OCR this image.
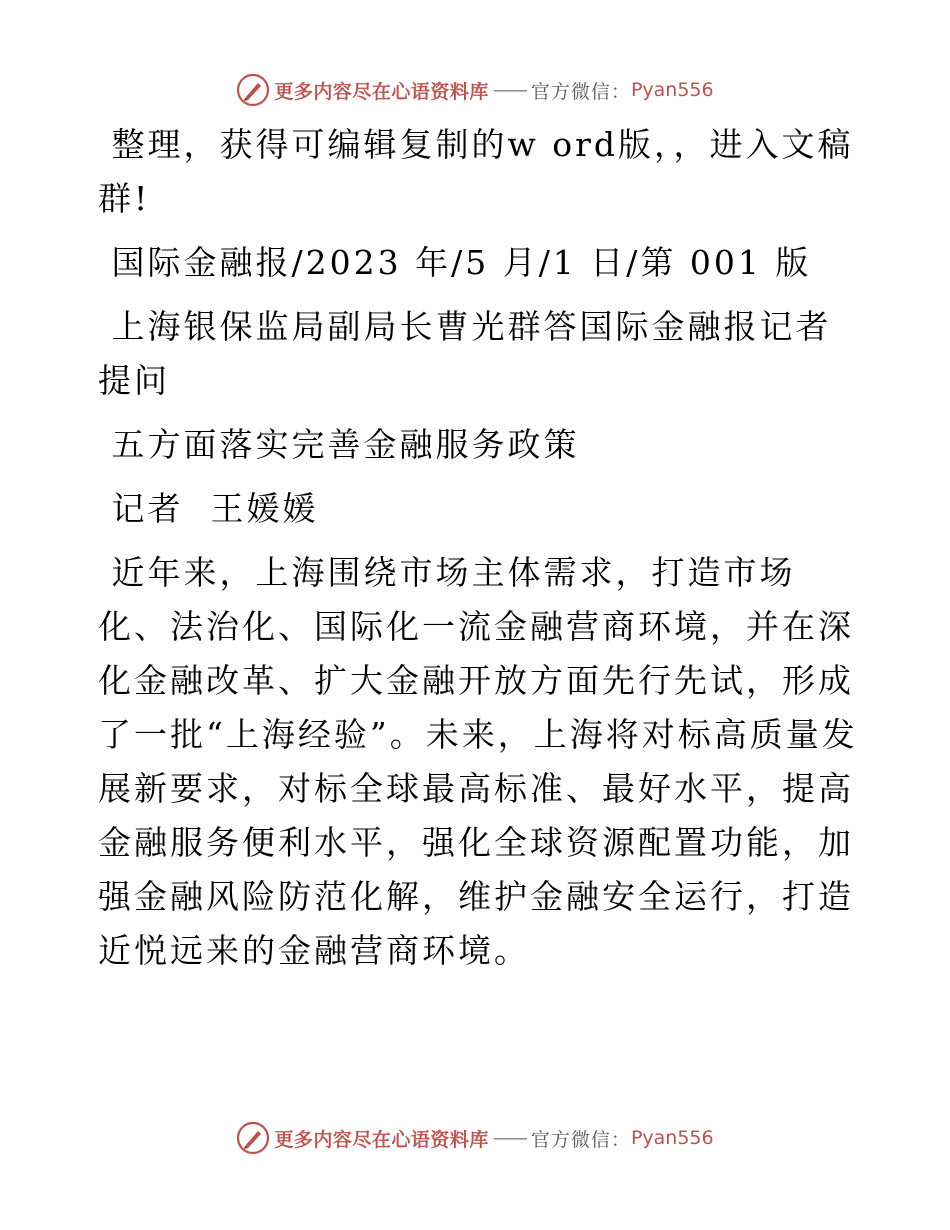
更多内容尽在心语资料库 —— 官方微信： Pyan556

整理，获得可编辑复制的w ord版，，进入文稿群!

国际金融报/2023 年/5 月/1 日/第 001 版

上海银保监局副局长曹光群答国际金融报记者提问

五方面落实完善金融服务政策

记者  王媛媛

近年来，上海围绕市场主体需求，打造市场化、法治化、国际化一流金融营商环境，并在深化金融改革、扩大金融开放方面先行先试，形成了一批“上海经验”。未来，上海将对标高质量发展新要求，对标全球最高标准、最好水平，提高金融服务便利水平，强化全球资源配置功能，加强金融风险防范化解，维护金融安全运行，打造近悦远来的金融营商环境。

更多内容尽在心语资料库 —— 官方微信： Pyan556
